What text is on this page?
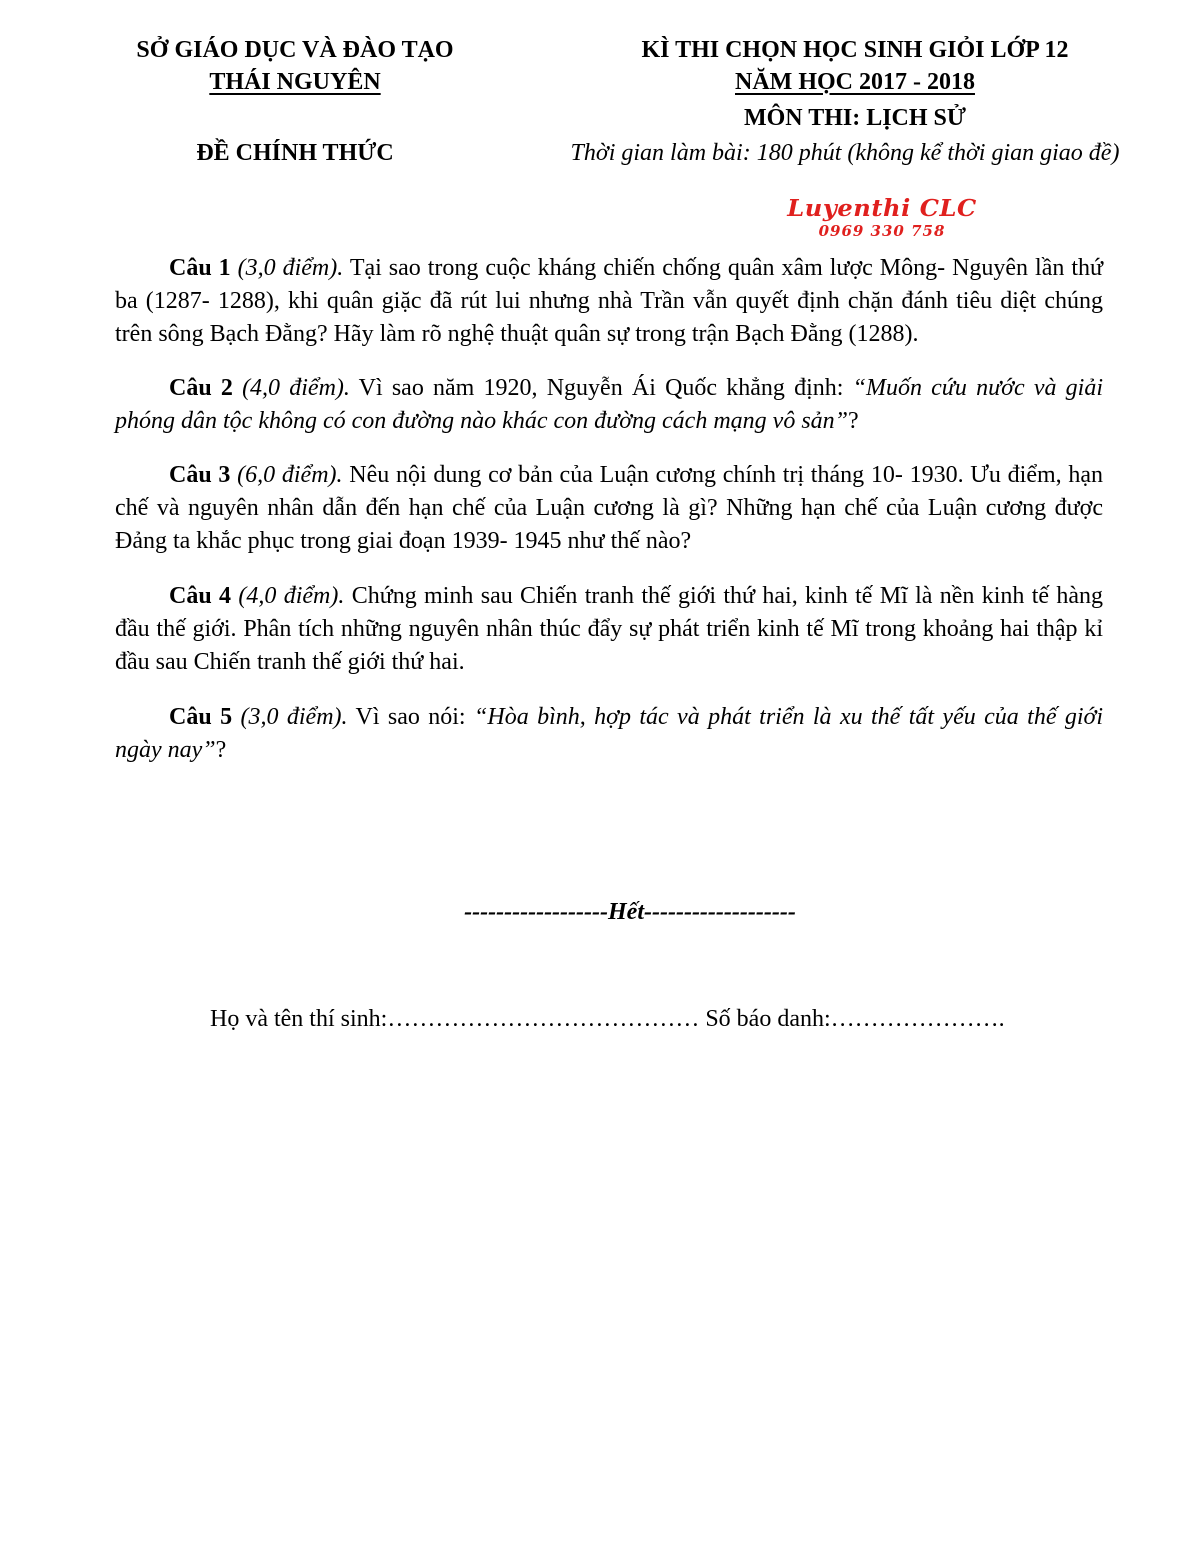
SỞ GIÁO DỤC VÀ ĐÀO TẠO
THÁI NGUYÊN
ĐỀ CHÍNH THỨC
KÌ THI CHỌN HỌC SINH GIỎI LỚP 12
NĂM HỌC 2017 - 2018
MÔN THI: LỊCH SỬ
Thời gian làm bài: 180 phút (không kể thời gian giao đề)
Luyenthi CLC
0969 330 758
Câu 1 (3,0 điểm). Tại sao trong cuộc kháng chiến chống quân xâm lược Mông- Nguyên lần thứ ba (1287- 1288), khi quân giặc đã rút lui nhưng nhà Trần vẫn quyết định chặn đánh tiêu diệt chúng trên sông Bạch Đằng? Hãy làm rõ nghệ thuật quân sự trong trận Bạch Đằng (1288).
Câu 2 (4,0 điểm). Vì sao năm 1920, Nguyễn Ái Quốc khẳng định: “Muốn cứu nước và giải phóng dân tộc không có con đường nào khác con đường cách mạng vô sản”?
Câu 3 (6,0 điểm). Nêu nội dung cơ bản của Luận cương chính trị tháng 10- 1930. Ưu điểm, hạn chế và nguyên nhân dẫn đến hạn chế của Luận cương là gì? Những hạn chế của Luận cương được Đảng ta khắc phục trong giai đoạn 1939- 1945 như thế nào?
Câu 4 (4,0 điểm). Chứng minh sau Chiến tranh thế giới thứ hai, kinh tế Mĩ là nền kinh tế hàng đầu thế giới. Phân tích những nguyên nhân thúc đẩy sự phát triển kinh tế Mĩ trong khoảng hai thập kỉ đầu sau Chiến tranh thế giới thứ hai.
Câu 5 (3,0 điểm). Vì sao nói: “Hòa bình, hợp tác và phát triển là xu thế tất yếu của thế giới ngày nay”?
------------------Hết-------------------
Họ và tên thí sinh:………………………………… Số báo danh:………………….
